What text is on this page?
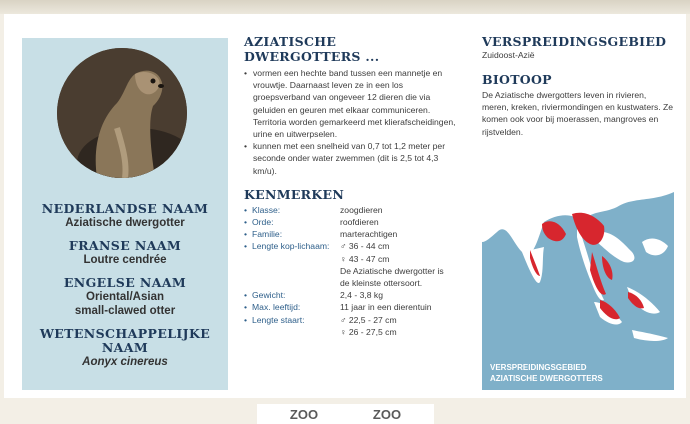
NEDERLANDSE NAAM
Aziatische dwergotter
FRANSE NAAM
Loutre cendrée
ENGELSE NAAM
Oriental/Asian
small-clawed otter
WETENSCHAPPELIJKE
NAAM
Aonyx cinereus
AZIATISCHE DWERGOTTERS ...
• vormen een hechte band tussen een mannetje en vrouwtje. Daarnaast leven ze in een los groepsverband van ongeveer 12 dieren die via geluiden en geuren met elkaar communiceren. Territoria worden gemarkeerd met klierafscheidingen, urine en uitwerpselen.
• kunnen met een snelheid van 0,7 tot 1,2 meter per seconde onder water zwemmen (dit is 2,5 tot 4,3 km/u).
KENMERKEN
• Klasse:	zoogdieren
• Orde:	roofdieren
• Familie:	marterachtigen
• Lengte kop-lichaam:	♂ 36 - 44 cm
	♀ 43 - 47 cm
	De Aziatische dwergotter is
	de kleinste ottersoort.
• Gewicht:	2,4 - 3,8 kg
• Max. leeftijd:	11 jaar in een dierentuin
• Lengte staart:	♂ 22,5 - 27 cm
	♀ 26 - 27,5 cm
VERSPREIDINGSGEBIED
Zuidoost-Azië
BIOTOOP
De Aziatische dwergotters leven in rivieren, meren, kreken, riviermondingen en kustwaters. Ze komen ook voor bij moerassen, mangroves en rijstvelden.
VERSPREIDINGSGEBIED
AZIATISCHE DWERGOTTERS
ZOO	ZOO
